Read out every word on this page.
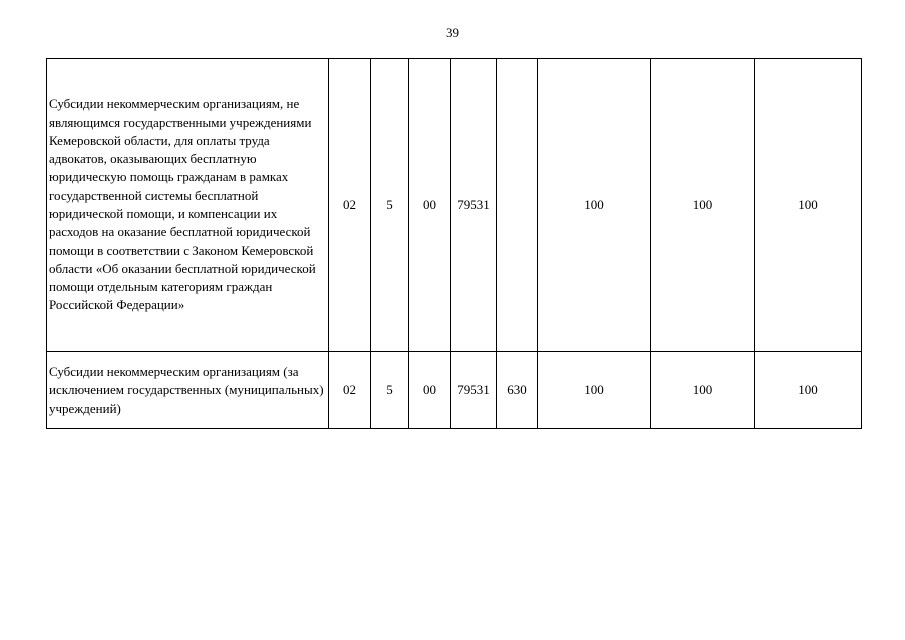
39
Субсидии некоммерческим организациям, не являющимся государственными учреждениями Кемеровской области, для оплаты труда адвокатов, оказывающих бесплатную юридическую помощь гражданам в рамках государственной системы бесплатной юридической помощи, и компенсации их расходов на оказание бесплатной юридической помощи в соответствии с Законом Кемеровской области «Об оказании бесплатной юридической помощи отдельным категориям граждан Российской Федерации»	02	5	00	79531		100	100	100
Субсидии некоммерческим организациям (за исключением государственных (муниципальных) учреждений)	02	5	00	79531	630	100	100	100
